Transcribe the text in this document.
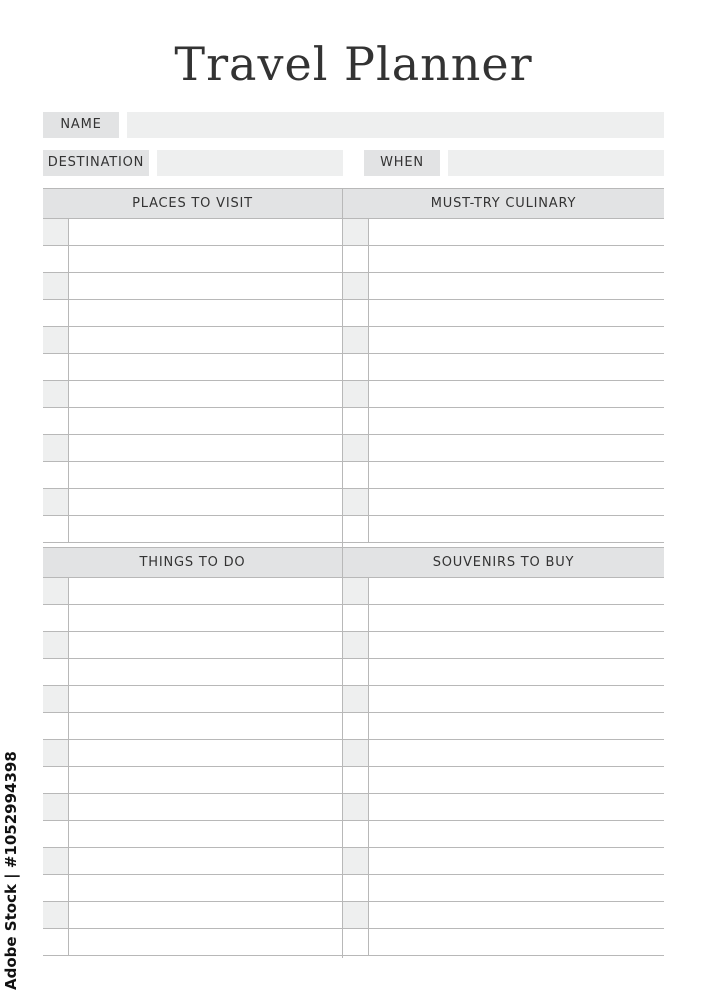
Travel Planner
NAME
DESTINATION	WHEN
PLACES TO VISIT	MUST-TRY CULINARY
THINGS TO DO	SOUVENIRS TO BUY
Adobe Stock | #1052994398
